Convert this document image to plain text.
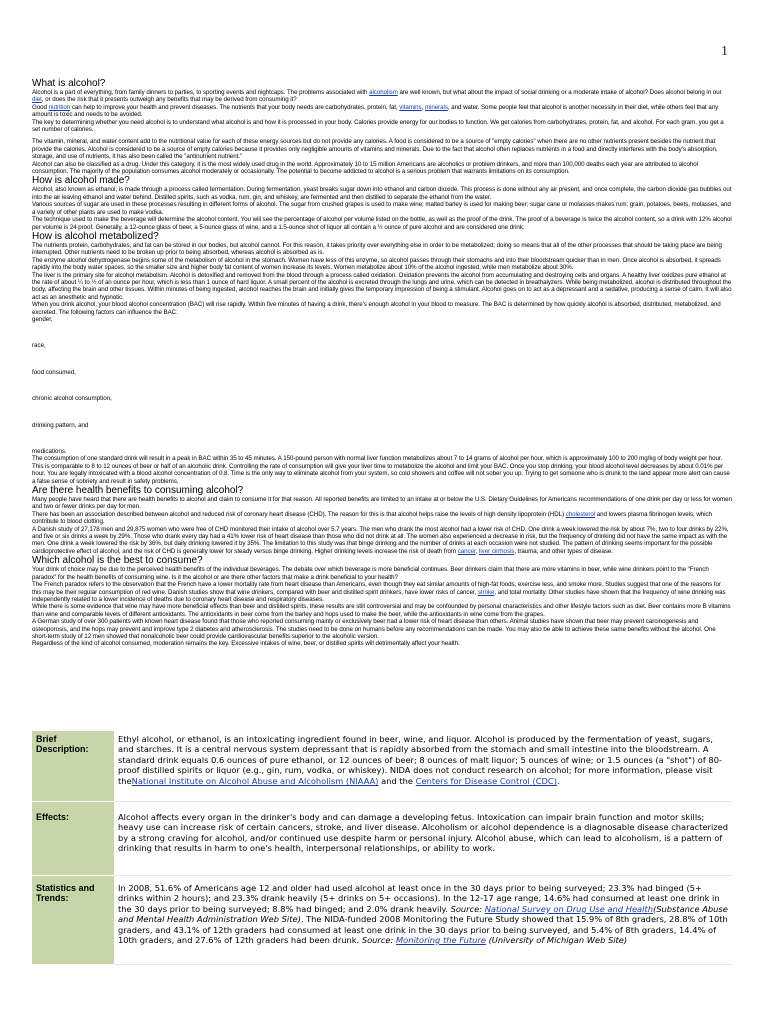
1
What is alcohol?

Alcohol is a part of everything, from family dinners to parties, to sporting events and nightcaps. The problems associated with alcoholism are well known, but what about the impact of social drinking or a moderate intake of alcohol? Does alcohol belong in our diet, or does the risk that it presents outweigh any benefits that may be derived from consuming it?

Good nutrition can help to improve your health and prevent diseases. The nutrients that your body needs are carbohydrates, protein, fat, vitamins, minerals, and water. Some people feel that alcohol is another necessity in their diet, while others feel that any amount is toxic and needs to be avoided.

The key to determining whether you need alcohol is to understand what alcohol is and how it is processed in your body. Calories provide energy for our bodies to function. We get calories from carbohydrates, protein, fat, and alcohol. For each gram, you get a set number of calories.

The vitamin, mineral, and water content add to the nutritional value for each of these energy sources but do not provide any calories. A food is considered to be a source of "empty calories" when there are no other nutrients present besides the nutrient that provide the calories. Alcohol is considered to be a source of empty calories because it provides only negligible amounts of vitamins and minerals. Due to the fact that alcohol often replaces nutrients in a food and directly interferes with the body's absorption, storage, and use of nutrients, it has also been called the "antinutrient nutrient."

Alcohol can also be classified as a drug. Under this category, it is the most widely used drug in the world. Approximately 10 to 15 million Americans are alcoholics or problem drinkers, and more than 100,000 deaths each year are attributed to alcohol consumption. The majority of the population consumes alcohol moderately or occasionally. The potential to become addicted to alcohol is a serious problem that warrants limitations on its consumption.

How is alcohol made?

Alcohol, also known as ethanol, is made through a process called fermentation. During fermentation, yeast breaks sugar down into ethanol and carbon dioxide. This process is done without any air present, and once complete, the carbon dioxide gas bubbles out into the air leaving ethanol and water behind. Distilled spirits, such as vodka, rum, gin, and whiskey, are fermented and then distilled to separate the ethanol from the water.

Various sources of sugar are used in these processes resulting in different forms of alcohol. The sugar from crushed grapes is used to make wine; malted barley is used for making beer; sugar cane or molasses makes rum; grain, potatoes, beets, molasses, and a variety of other plants are used to make vodka.

The technique used to make the beverage will determine the alcohol content. You will see the percentage of alcohol per volume listed on the bottle, as well as the proof of the drink. The proof of a beverage is twice the alcohol content, so a drink with 12% alcohol per volume is 24 proof. Generally, a 12-ounce glass of beer, a 5-ounce glass of wine, and a 1.5-ounce shot of liquor all contain a ½ ounce of pure alcohol and are considered one drink.

How is alcohol metabolized?

The nutrients protein, carbohydrates, and fat can be stored in our bodies, but alcohol cannot. For this reason, it takes priority over everything else in order to be metabolized; doing so means that all of the other processes that should be taking place are being interrupted. Other nutrients need to be broken up prior to being absorbed, whereas alcohol is absorbed as is.

The enzyme alcohol dehydrogenase begins some of the metabolism of alcohol in the stomach. Women have less of this enzyme, so alcohol passes through their stomachs and into their bloodstream quicker than in men. Once alcohol is absorbed, it spreads rapidly into the body water spaces, so the smaller size and higher body fat content of women increase its levels. Women metabolize about 10% of the alcohol ingested, while men metabolize about 30%.

The liver is the primary site for alcohol metabolism. Alcohol is detoxified and removed from the blood through a process called oxidation. Oxidation prevents the alcohol from accumulating and destroying cells and organs. A healthy liver oxidizes pure ethanol at the rate of about ¼ to ½ of an ounce per hour, which is less than 1 ounce of hard liquor. A small percent of the alcohol is excreted through the lungs and urine, which can be detected in breathalyzers. While being metabolized, alcohol is distributed throughout the body, affecting the brain and other tissues. Within minutes of being ingested, alcohol reaches the brain and initially gives the temporary impression of being a stimulant. Alcohol goes on to act as a depressant and a sedative, producing a sense of calm. It will also act as an anesthetic and hypnotic.

When you drink alcohol, your blood alcohol concentration (BAC) will rise rapidly. Within five minutes of having a drink, there's enough alcohol in your blood to measure. The BAC is determined by how quickly alcohol is absorbed, distributed, metabolized, and excreted. The following factors can influence the BAC:

gender,

race,

food consumed,

chronic alcohol consumption,

drinking pattern, and

medications.

The consumption of one standard drink will result in a peak in BAC within 35 to 45 minutes. A 150-pound person with normal liver function metabolizes about 7 to 14 grams of alcohol per hour, which is approximately 100 to 200 mg/kg of body weight per hour. This is comparable to 8 to 12 ounces of beer or half of an alcoholic drink. Controlling the rate of consumption will give your liver time to metabolize the alcohol and limit your BAC. Once you stop drinking, your blood alcohol level decreases by about 0.01% per hour. You are legally intoxicated with a blood alcohol concentration of 0.8. Time is the only way to eliminate alcohol from your system, so cold showers and coffee will not sober you up. Trying to get someone who is drunk to the land appear more alert can cause a false sense of sobriety and result in safety problems.

Are there health benefits to consuming alcohol?

Many people have heard that there are health benefits to alcohol and claim to consume it for that reason. All reported benefits are limited to an intake at or below the U.S. Dietary Guidelines for Americans recommendations of one drink per day or less for women and two or fewer drinks per day for men.

There has been an association described between alcohol and reduced risk of coronary heart disease (CHD). The reason for this is that alcohol helps raise the levels of high density lipoprotein (HDL) cholesterol and lowers plasma fibrinogen levels, which contribute to blood clotting.

A Danish study of 27,178 men and 29,875 women who were free of CHD monitored their intake of alcohol over 5.7 years. The men who drank the most alcohol had a lower risk of CHD. One drink a week lowered the risk by about 7%, two to four drinks by 22%, and five or six drinks a week by 29%. Those who drank every day had a 41% lower risk of heart disease than those who did not drink at all. The women also experienced a decrease in risk, but the frequency of drinking did not have the same impact as with the men. One drink a week lowered the risk by 36%, but daily drinking lowered it by 35%. The limitation to this study was that binge drinking and the number of drinks at each occasion were not studied. The pattern of drinking seems important for the possible cardioprotective effect of alcohol, and the risk of CHD is generally lower for steady versus binge drinking. Higher drinking levels increase the risk of death from cancer, liver cirrhosis, trauma, and other types of disease.

Which alcohol is the best to consume?

Your drink of choice may be due to the perceived health benefits of the individual beverages. The debate over which beverage is more beneficial continues. Beer drinkers claim that there are more vitamins in beer, while wine drinkers point to the "French paradox" for the health benefits of consuming wine. Is it the alcohol or are there other factors that make a drink beneficial to your health?

The French paradox refers to the observation that the French have a lower mortality rate from heart disease than Americans, even though they eat similar amounts of high-fat foods, exercise less, and smoke more. Studies suggest that one of the reasons for this may be their regular consumption of red wine. Danish studies show that wine drinkers, compared with beer and distilled spirit drinkers, have lower risks of cancer, stroke, and total mortality. Other studies have shown that the frequency of wine drinking was independently related to a lower incidence of deaths due to coronary heart disease and respiratory diseases.

While there is some evidence that wine may have more beneficial effects than beer and distilled spirits, these results are still controversial and may be confounded by personal characteristics and other lifestyle factors such as diet. Beer contains more B vitamins than wine and comparable levels of different antioxidants. The antioxidants in beer come from the barley and hops used to make the beer, while the antioxidants in wine come from the grapes.

A German study of over 300 patients with known heart disease found that those who reported consuming mainly or exclusively beer had a lower risk of heart disease than others. Animal studies have shown that beer may prevent carcinogenesis and osteoporosis, and the hops may prevent and improve type 2 diabetes and atherosclerosis. The studies need to be done on humans before any recommendations can be made. You may also be able to achieve these same benefits without the alcohol. One short-term study of 12 men showed that nonalcoholic beer could provide cardiovascular benefits superior to the alcoholic version.

Regardless of the kind of alcohol consumed, moderation remains the key. Excessive intakes of wine, beer, or distilled spirits will detrimentally affect your health.

Brief Description:	Ethyl alcohol, or ethanol, is an intoxicating ingredient found in beer, wine, and liquor. Alcohol is produced by the fermentation of yeast, sugars, and starches. It is a central nervous system depressant that is rapidly absorbed from the stomach and small intestine into the bloodstream. A standard drink equals 0.6 ounces of pure ethanol, or 12 ounces of beer; 8 ounces of malt liquor; 5 ounces of wine; or 1.5 ounces (a "shot") of 80-proof distilled spirits or liquor (e.g., gin, rum, vodka, or whiskey). NIDA does not conduct research on alcohol; for more information, please visit theNational Institute on Alcohol Abuse and Alcoholism (NIAAA) and the Centers for Disease Control (CDC).
Effects:	Alcohol affects every organ in the drinker's body and can damage a developing fetus. Intoxication can impair brain function and motor skills; heavy use can increase risk of certain cancers, stroke, and liver disease. Alcoholism or alcohol dependence is a diagnosable disease characterized by a strong craving for alcohol, and/or continued use despite harm or personal injury. Alcohol abuse, which can lead to alcoholism, is a pattern of drinking that results in harm to one's health, interpersonal relationships, or ability to work.
Statistics and Trends:	In 2008, 51.6% of Americans age 12 and older had used alcohol at least once in the 30 days prior to being surveyed; 23.3% had binged (5+ drinks within 2 hours); and 23.3% drank heavily (5+ drinks on 5+ occasions). In the 12-17 age range, 14.6% had consumed at least one drink in the 30 days prior to being surveyed; 8.8% had binged; and 2.0% drank heavily. Source: National Survey on Drug Use and Health(Substance Abuse and Mental Health Administration Web Site). The NIDA-funded 2008 Monitoring the Future Study showed that 15.9% of 8th graders, 28.8% of 10th graders, and 43.1% of 12th graders had consumed at least one drink in the 30 days prior to being surveyed, and 5.4% of 8th graders, 14.4% of 10th graders, and 27.6% of 12th graders had been drunk. Source: Monitoring the Future (University of Michigan Web Site)
